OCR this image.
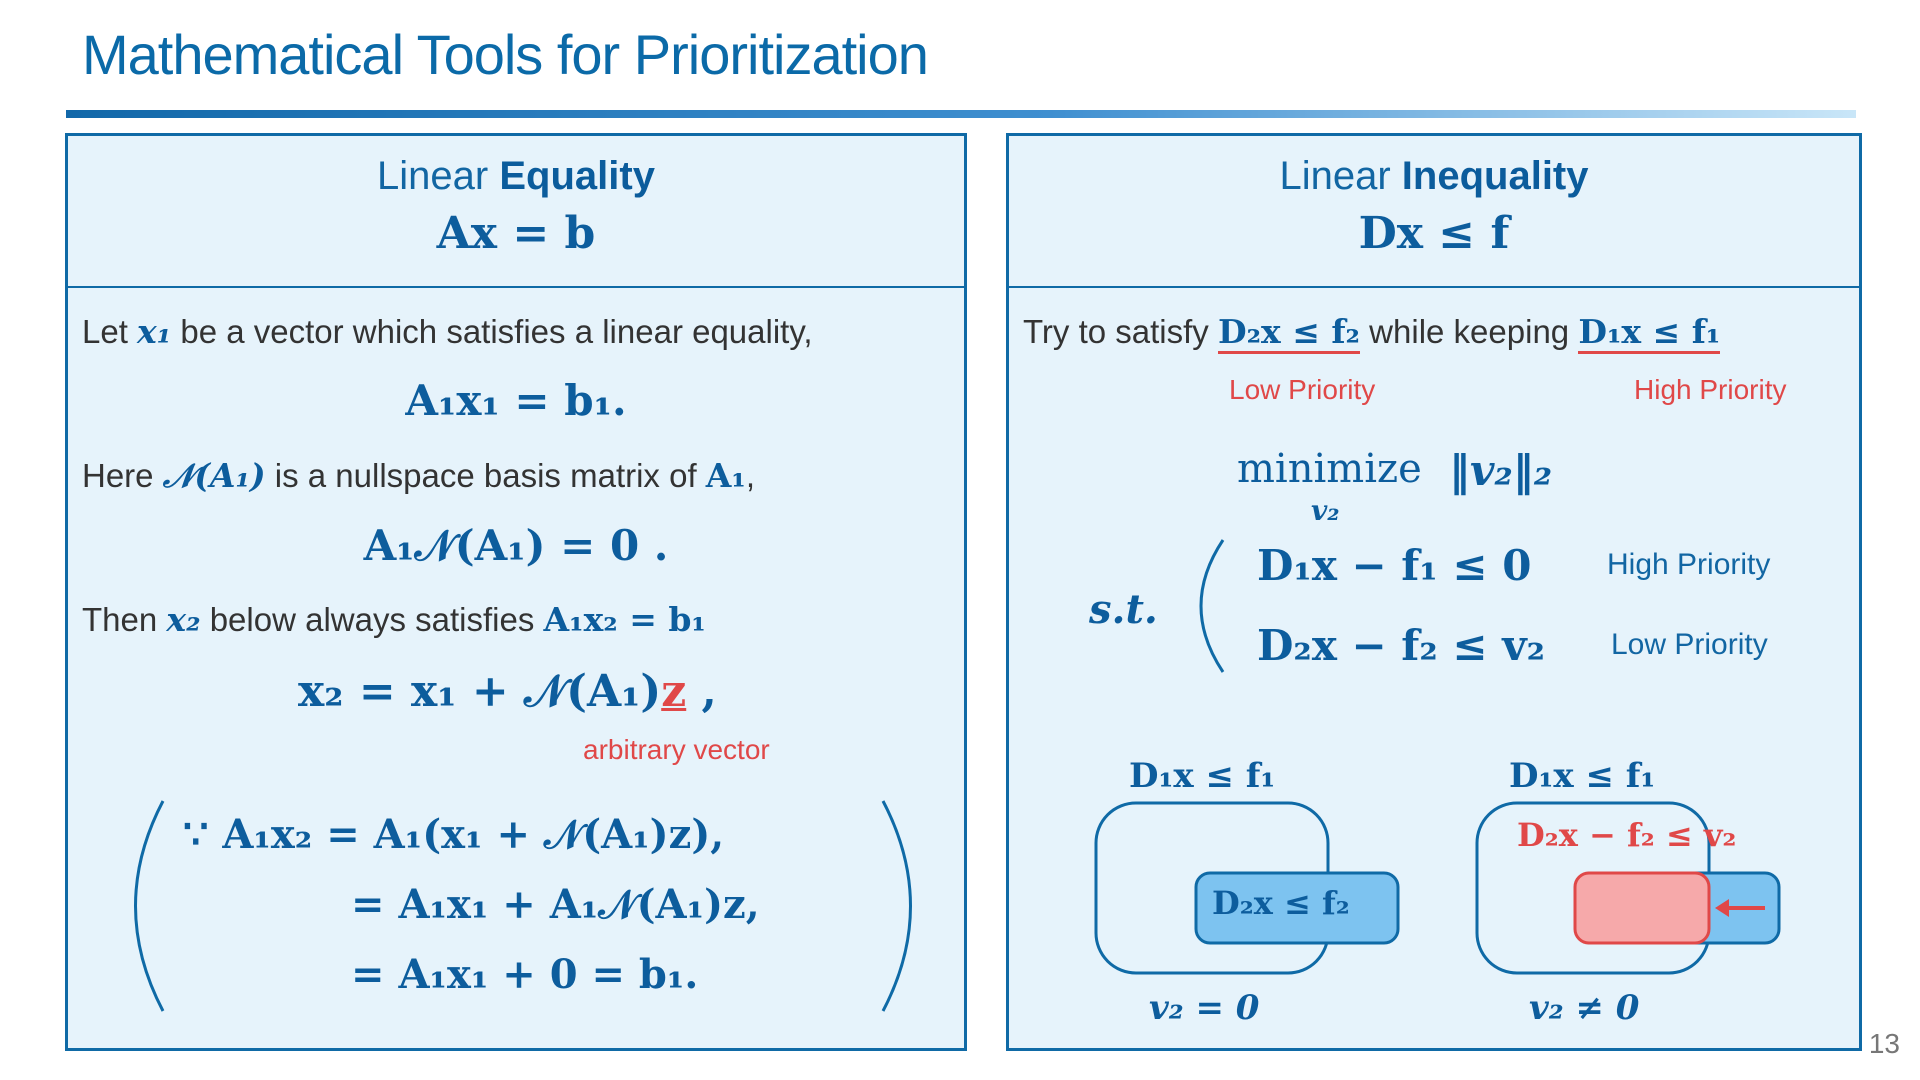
Mathematical Tools for Prioritization
Linear Equality
Ax = b
Let x₁ be a vector which satisfies a linear equality,
A₁x₁ = b₁.
Here 𝒩(A₁) is a nullspace basis matrix of A₁,
A₁𝒩(A₁) = 0 .
Then x₂ below always satisfies A₁x₂ = b₁
x₂ = x₁ + 𝒩(A₁)z ,
arbitrary vector
∵ A₁x₂ = A₁(x₁ + 𝒩(A₁)z),
= A₁x₁ + A₁𝒩(A₁)z,
= A₁x₁ + 0 = b₁.
Linear Inequality
Dx ≤ f
Try to satisfy D₂x ≤ f₂ while keeping D₁x ≤ f₁
Low Priority	High Priority
minimize
v₂
‖v₂‖₂
s.t.
D₁x − f₁ ≤ 0	High Priority
D₂x − f₂ ≤ v₂ Low Priority
D₁x ≤ f₁
D₂x ≤ f₂
v₂ = 0
D₁x ≤ f₁
D₂x − f₂ ≤ v₂
v₂ ≠ 0
13
